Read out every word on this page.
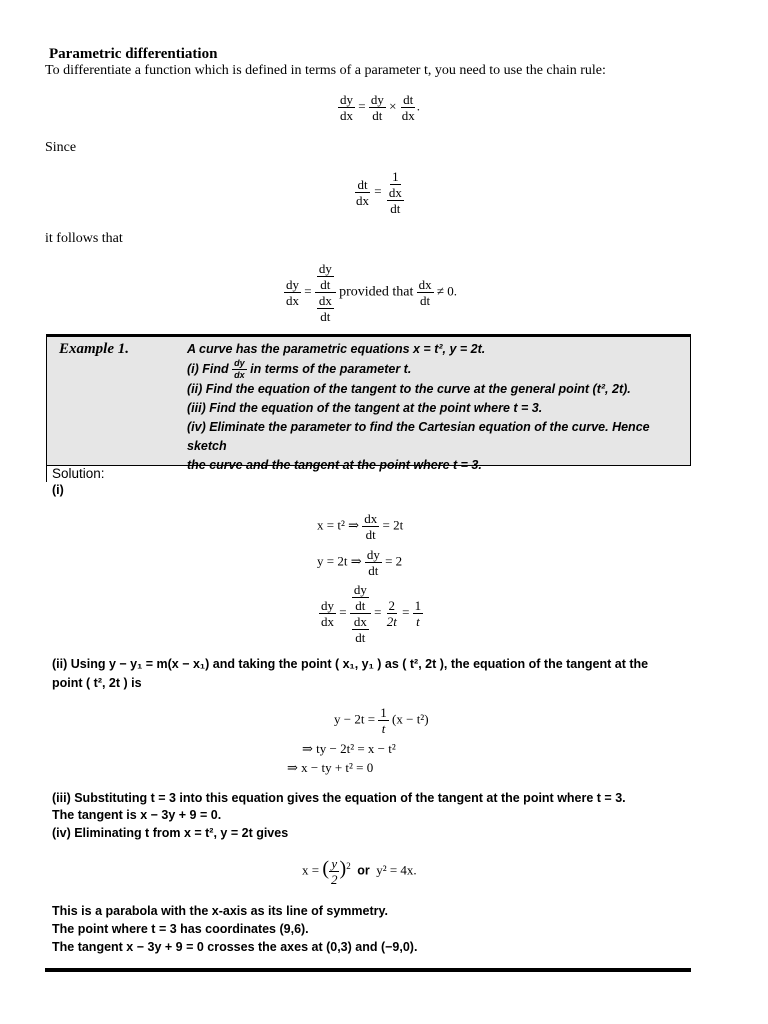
Parametric differentiation
To differentiate a function which is defined in terms of a parameter t, you need to use the chain rule:
$\frac{dy}{dx} = \frac{dy}{dt} \times \frac{dt}{dx}$ .
Since
$\frac{dt}{dx} = \frac{1}{\frac{dx}{dt}}$
it follows that
$\frac{dy}{dx} = \frac{\frac{dy}{dt}}{\frac{dx}{dt}}$ provided that $\frac{dx}{dt} \ne 0$.
Example 1.	A curve has the parametric equations x = t², y = 2t.
(i) Find $\frac{dy}{dx}$ in terms of the parameter t.
(ii) Find the equation of the tangent to the curve at the general point (t², 2t).
(iii) Find the equation of the tangent at the point where t = 3.
(iv) Eliminate the parameter to find the Cartesian equation of the curve. Hence sketch
the curve and the tangent at the point where t = 3.
Solution:
(i)
x = t² ⇒ $\frac{dx}{dt} = 2t$
y = 2t ⇒ $\frac{dy}{dt} = 2$
$\frac{dy}{dx} = \frac{\frac{dy}{dt}}{\frac{dx}{dt}} = \frac{2}{2t} = \frac{1}{t}$
(ii) Using y − y₁ = m(x − x₁) and taking the point ( x₁, y₁ ) as ( t², 2t ), the equation of the tangent at the
point ( t², 2t ) is
$y - 2t = \frac{1}{t} (x - t^2)$
⇒ ty − 2t² = x − t²
⇒ x − ty + t² = 0
(iii) Substituting t = 3 into this equation gives the equation of the tangent at the point where t = 3.
The tangent is x − 3y + 9 = 0.
(iv) Eliminating t from x = t², y = 2t gives
x = ( $\frac{y}{2} )^2$ or y² = 4x.
This is a parabola with the x-axis as its line of symmetry.
The point where t = 3 has coordinates (9,6).
The tangent x − 3y + 9 = 0 crosses the axes at (0,3) and (−9,0).
